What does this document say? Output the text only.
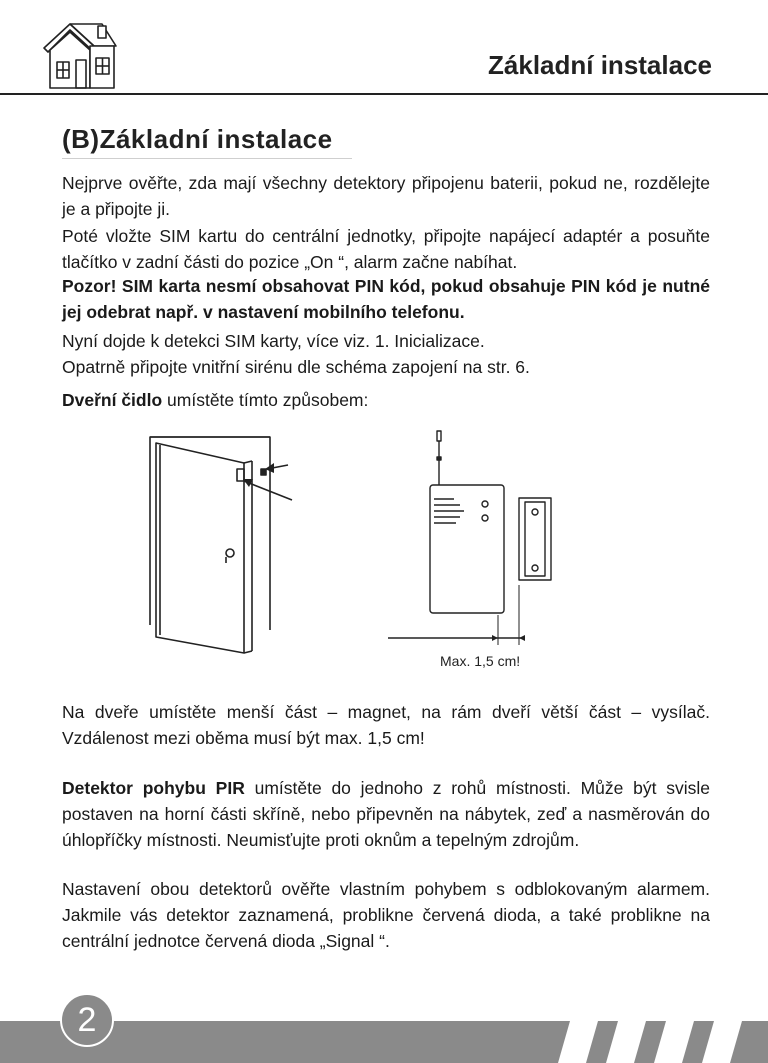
Základní instalace
(B)Základní instalace

Nejprve ověřte, zda mají všechny detektory připojenu baterii, pokud ne, rozdělejte je a připojte ji.

Poté vložte SIM kartu do centrální jednotky, připojte napájecí adaptér a posuňte tlačítko v zadní části do pozice „On “, alarm začne nabíhat.

Pozor! SIM karta nesmí obsahovat PIN kód, pokud obsahuje PIN kód je nutné jej odebrat např. v nastavení mobilního telefonu.

Nyní dojde k detekci SIM karty, více viz. 1. Inicializace.

Opatrně připojte vnitřní sirénu dle schéma zapojení na str. 6.

Dveřní čidlo umístěte tímto způsobem:

Max. 1,5 cm!

Na dveře umístěte menší část – magnet, na rám dveří větší část – vysílač. Vzdálenost mezi oběma musí být max. 1,5 cm!

Detektor pohybu PIR umístěte do jednoho z rohů místnosti. Může být svisle postaven na horní části skříně, nebo připevněn na nábytek, zeď a nasměrován do úhlopříčky místnosti. Neumisťujte proti oknům a tepelným zdrojům.

Nastavení obou detektorů ověřte vlastním pohybem s odblokovaným alarmem. Jakmile vás detektor zaznamená, problikne červená dioda, a také problikne na centrální jednotce červená dioda „Signal “.

2
